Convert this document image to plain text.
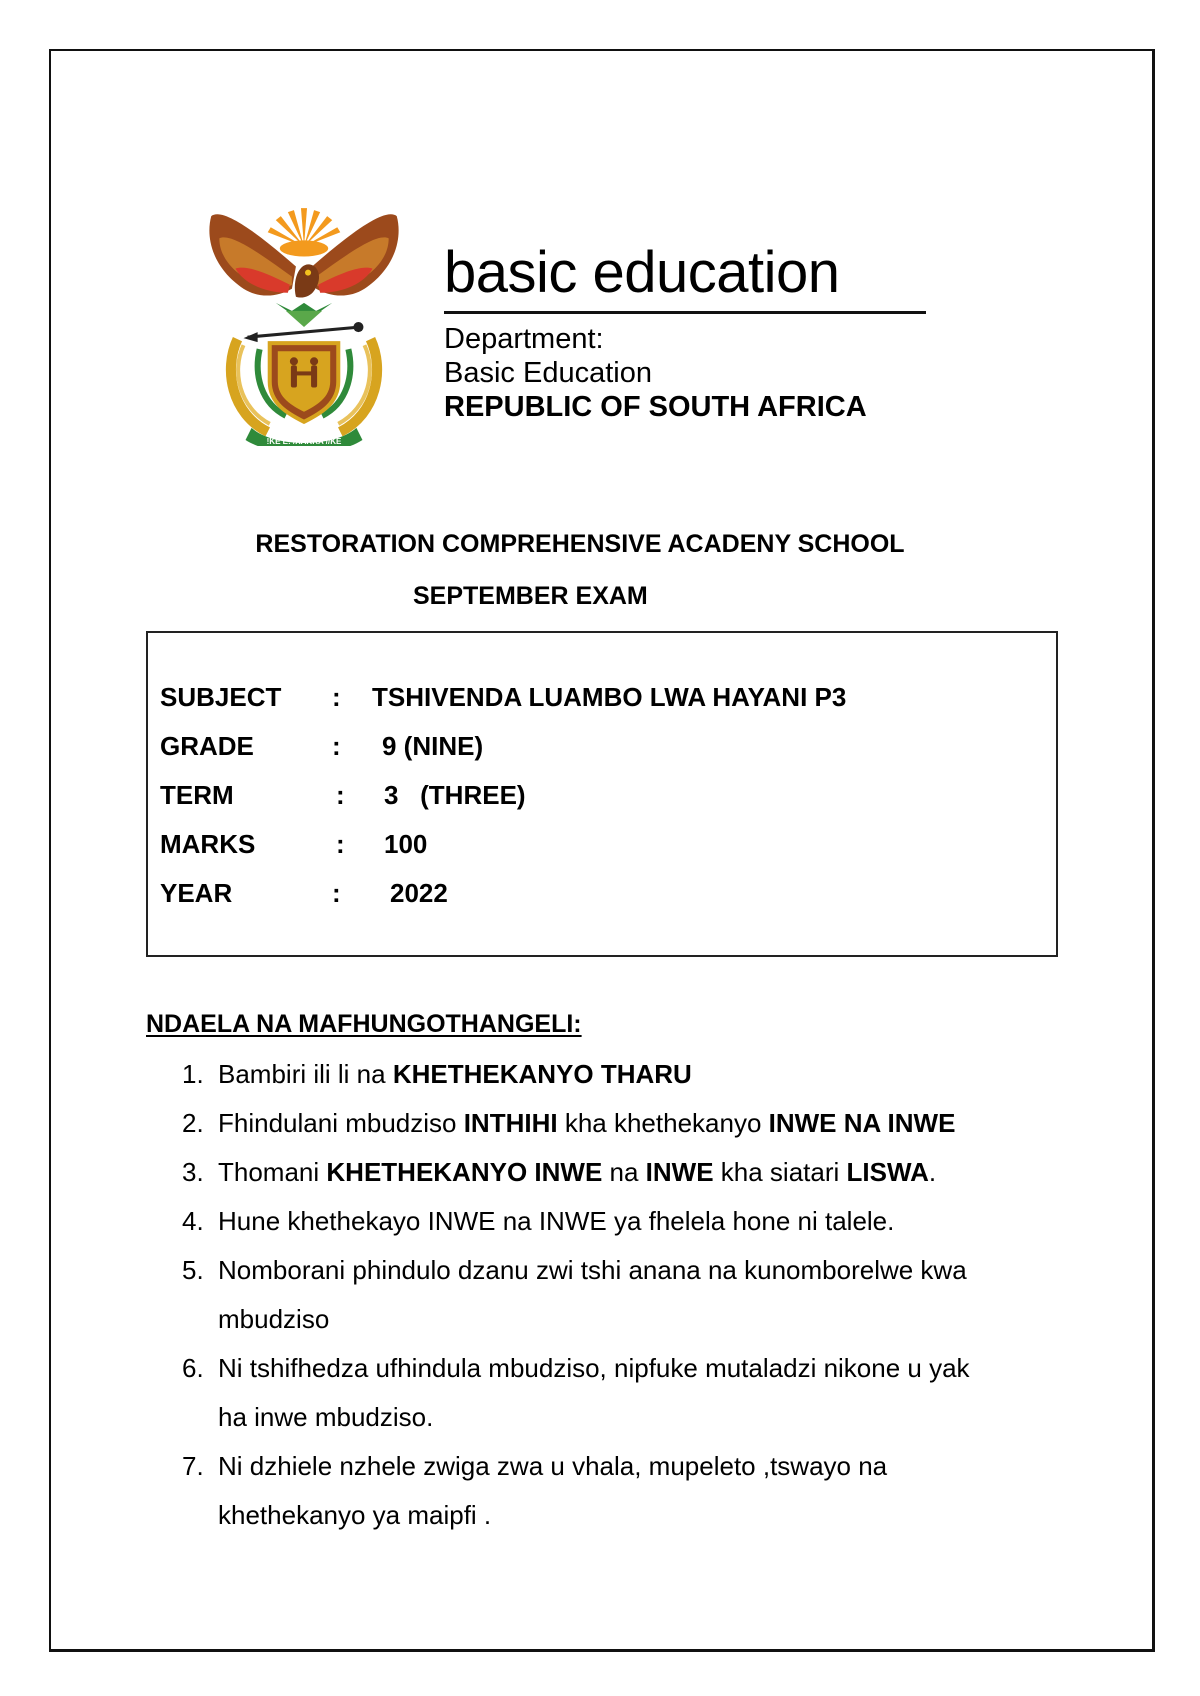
!KE E: /XARRA //KE
basic education
Department:
Basic Education
REPUBLIC OF SOUTH AFRICA
RESTORATION COMPREHENSIVE ACADENY SCHOOL
SEPTEMBER EXAM
SUBJECT : TSHIVENDA LUAMBO LWA HAYANI P3
GRADE	: 9 (NINE)
TERM	: 3   (THREE)
MARKS	: 100
YEAR	: 2022
NDAELA NA MAFHUNGOTHANGELI:
1. Bambiri ili li na KHETHEKANYO THARU
2. Fhindulani mbudziso INTHIHI kha khethekanyo INWE NA INWE
3. Thomani KHETHEKANYO INWE na INWE kha siatari LISWA.
4. Hune khethekayo INWE na INWE ya fhelela hone ni talele.
5. Nomborani phindulo dzanu zwi tshi anana na kunomborelwe kwa
mbudziso
6. Ni tshifhedza ufhindula mbudziso, nipfuke mutaladzi nikone u yak
ha inwe mbudziso.
7. Ni dzhiele nzhele zwiga zwa u vhala, mupeleto ,tswayo na
khethekanyo ya maipfi .
